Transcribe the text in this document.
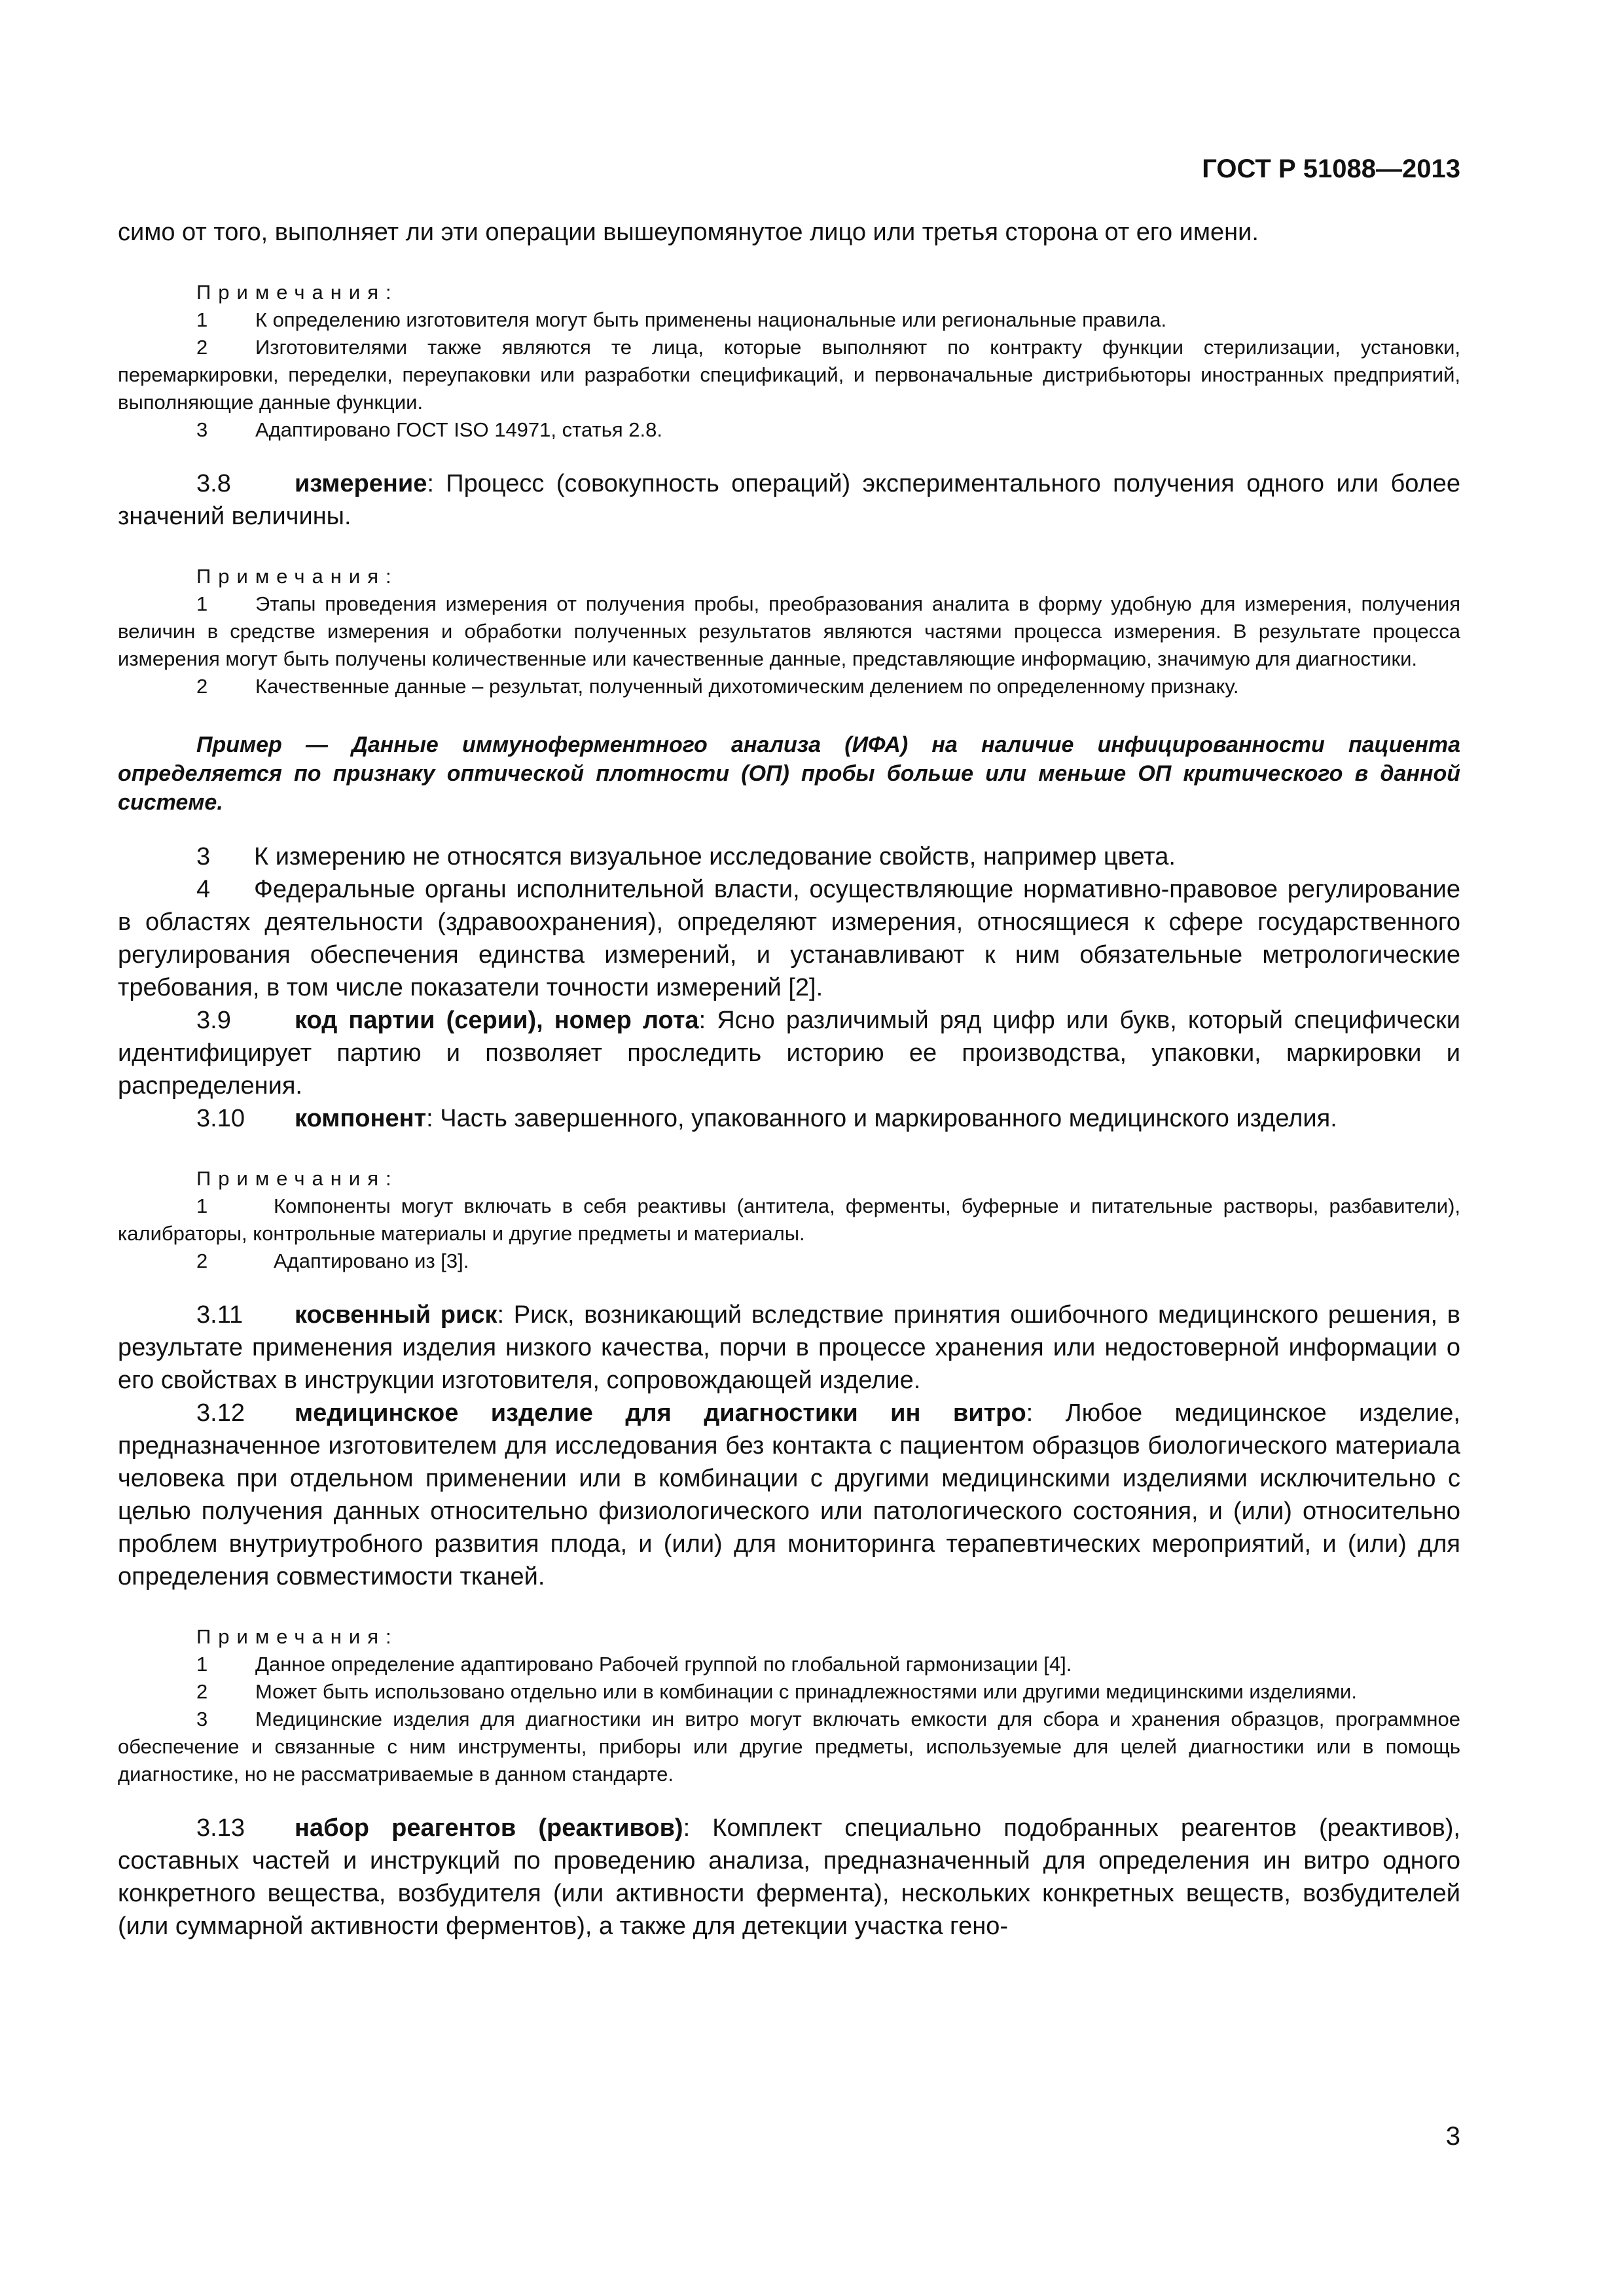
ГОСТ Р 51088—2013

симо от того, выполняет ли эти операции вышеупомянутое лицо или третья сторона от его имени.

Примечания:

1 К определению изготовителя могут быть применены национальные или региональные правила.

2 Изготовителями также являются те лица, которые выполняют по контракту функции стерилизации, установки, перемаркировки, переделки, переупаковки или разработки спецификаций, и первоначальные дистрибьюторы иностранных предприятий, выполняющие данные функции.

3 Адаптировано ГОСТ ISO 14971, статья 2.8.

3.8	измерение: Процесс (совокупность операций) экспериментального получения одного или более значений величины.

Примечания:

1 Этапы проведения измерения от получения пробы, преобразования аналита в форму удобную для измерения, получения величин в средстве измерения и обработки полученных результатов являются частями процесса измерения. В результате процесса измерения могут быть получены количественные или качественные данные, представляющие информацию, значимую для диагностики.

2 Качественные данные – результат, полученный дихотомическим делением по определенному признаку.

Пример — Данные иммуноферментного анализа (ИФА) на наличие инфицированности пациента определяется по признаку оптической плотности (ОП) пробы больше или меньше ОП критического в данной системе.

3 К измерению не относятся визуальное исследование свойств, например цвета.

4 Федеральные органы исполнительной власти, осуществляющие нормативно-правовое регулирование в областях деятельности (здравоохранения), определяют измерения, относящиеся к сфере государственного регулирования обеспечения единства измерений, и устанавливают к ним обязательные метрологические требования, в том числе показатели точности измерений [2].

3.9	код партии (серии), номер лота: Ясно различимый ряд цифр или букв, который специфически идентифицирует партию и позволяет проследить историю ее производства, упаковки, маркировки и распределения.

3.10 компонент: Часть завершенного, упакованного и маркированного медицинского изделия.

Примечания:

1	Компоненты могут включать в себя реактивы (антитела, ферменты, буферные и питательные растворы, разбавители), калибраторы, контрольные материалы и другие предметы и материалы.

2	Адаптировано из [3].

3.11 косвенный риск: Риск, возникающий вследствие принятия ошибочного медицинского решения, в результате применения изделия низкого качества, порчи в процессе хранения или недостоверной информации о его свойствах в инструкции изготовителя, сопровождающей изделие.

3.12 медицинское изделие для диагностики ин витро: Любое медицинское изделие, предназначенное изготовителем для исследования без контакта с пациентом образцов биологического материала человека при отдельном применении или в комбинации с другими медицинскими изделиями исключительно с целью получения данных относительно физиологического или патологического состояния, и (или) относительно проблем внутриутробного развития плода, и (или) для мониторинга терапевтических мероприятий, и (или) для определения совместимости тканей.

Примечания:

1 Данное определение адаптировано Рабочей группой по глобальной гармонизации [4].

2 Может быть использовано отдельно или в комбинации с принадлежностями или другими медицинскими изделиями.

3 Медицинские изделия для диагностики ин витро могут включать емкости для сбора и хранения образцов, программное обеспечение и связанные с ним инструменты, приборы или другие предметы, используемые для целей диагностики или в помощь диагностике, но не рассматриваемые в данном стандарте.

3.13 набор реагентов (реактивов): Комплект специально подобранных реагентов (реактивов), составных частей и инструкций по проведению анализа, предназначенный для определения ин витро одного конкретного вещества, возбудителя (или активности фермента), нескольких конкретных веществ, возбудителей (или суммарной активности ферментов), а также для детекции участка гено-

3
